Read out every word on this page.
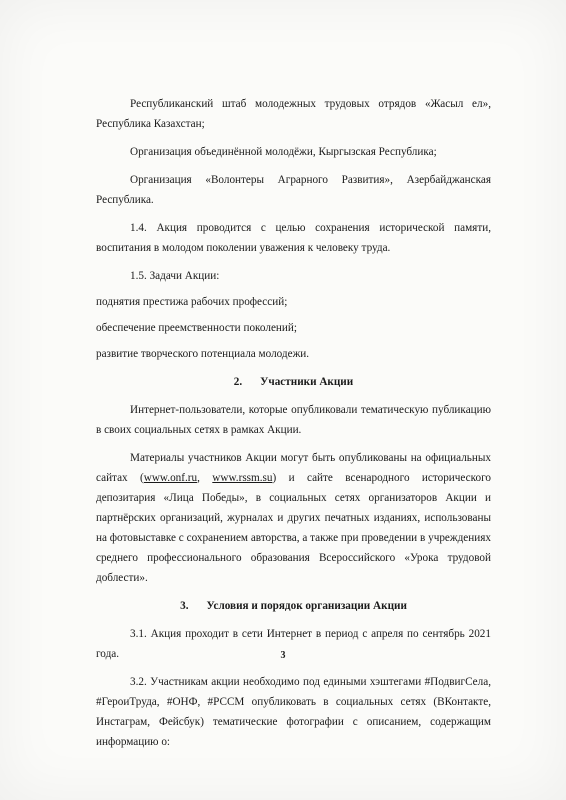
Республиканский штаб молодежных трудовых отрядов «Жасыл ел», Республика Казахстан;

Организация объединённой молодёжи, Кыргызская Республика;

Организация «Волонтеры Аграрного Развития», Азербайджанская Республика.

1.4. Акция проводится с целью сохранения исторической памяти, воспитания в молодом поколении уважения к человеку труда.

1.5. Задачи Акции:

поднятия престижа рабочих профессий;

обеспечение преемственности поколений;

развитие творческого потенциала молодежи.

2. Участники Акции

Интернет-пользователи, которые опубликовали тематическую публикацию в своих социальных сетях в рамках Акции.

Материалы участников Акции могут быть опубликованы на официальных сайтах (www.onf.ru, www.rssm.su) и сайте всенародного исторического депозитария «Лица Победы», в социальных сетях организаторов Акции и партнёрских организаций, журналах и других печатных изданиях, использованы на фотовыставке с сохранением авторства, а также при проведении в учреждениях среднего профессионального образования Всероссийского «Урока трудовой доблести».

3. Условия и порядок организации Акции

3.1. Акция проходит в сети Интернет в период с апреля по сентябрь 2021 года.

3.2. Участникам акции необходимо под едиными хэштегами #ПодвигСела, #ГероиТруда, #ОНФ, #РССМ опубликовать в социальных сетях (ВКонтакте, Инстаграм, Фейсбук) тематические фотографии с описанием, содержащим информацию о:

3
